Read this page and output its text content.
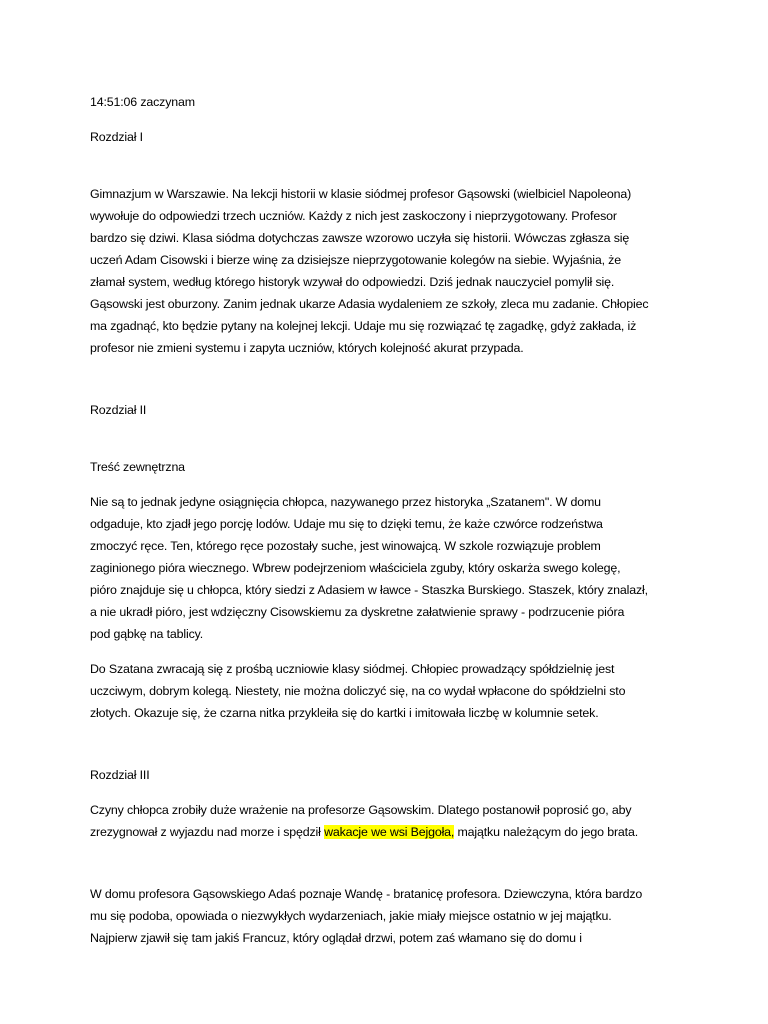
14:51:06 zaczynam

Rozdział I

Gimnazjum w Warszawie. Na lekcji historii w klasie siódmej profesor Gąsowski (wielbiciel Napoleona)

wywołuje do odpowiedzi trzech uczniów. Każdy z nich jest zaskoczony i nieprzygotowany. Profesor

bardzo się dziwi. Klasa siódma dotychczas zawsze wzorowo uczyła się historii. Wówczas zgłasza się

uczeń Adam Cisowski i bierze winę za dzisiejsze nieprzygotowanie kolegów na siebie. Wyjaśnia, że

złamał system, według którego historyk wzywał do odpowiedzi. Dziś jednak nauczyciel pomylił się.

Gąsowski jest oburzony. Zanim jednak ukarze Adasia wydaleniem ze szkoły, zleca mu zadanie. Chłopiec

ma zgadnąć, kto będzie pytany na kolejnej lekcji. Udaje mu się rozwiązać tę zagadkę, gdyż zakłada, iż

profesor nie zmieni systemu i zapyta uczniów, których kolejność akurat przypada.

Rozdział II

Treść zewnętrzna

Nie są to jednak jedyne osiągnięcia chłopca, nazywanego przez historyka „Szatanem". W domu

odgaduje, kto zjadł jego porcję lodów. Udaje mu się to dzięki temu, że każe czwórce rodzeństwa

zmoczyć ręce. Ten, którego ręce pozostały suche, jest winowajcą. W szkole rozwiązuje problem

zaginionego pióra wiecznego. Wbrew podejrzeniom właściciela zguby, który oskarża swego kolegę,

pióro znajduje się u chłopca, który siedzi z Adasiem w ławce - Staszka Burskiego. Staszek, który znalazł,

a nie ukradł pióro, jest wdzięczny Cisowskiemu za dyskretne załatwienie sprawy - podrzucenie pióra

pod gąbkę na tablicy.

Do Szatana zwracają się z prośbą uczniowie klasy siódmej. Chłopiec prowadzący spółdzielnię jest

uczciwym, dobrym kolegą. Niestety, nie można doliczyć się, na co wydał wpłacone do spółdzielni sto

złotych. Okazuje się, że czarna nitka przykleiła się do kartki i imitowała liczbę w kolumnie setek.

Rozdział III

Czyny chłopca zrobiły duże wrażenie na profesorze Gąsowskim. Dlatego postanowił poprosić go, aby

zrezygnował z wyjazdu nad morze i spędził wakacje we wsi Bejgoła, majątku należącym do jego brata.

W domu profesora Gąsowskiego Adaś poznaje Wandę - bratanicę profesora. Dziewczyna, która bardzo

mu się podoba, opowiada o niezwykłych wydarzeniach, jakie miały miejsce ostatnio w jej majątku.

Najpierw zjawił się tam jakiś Francuz, który oglądał drzwi, potem zaś włamano się do domu i
